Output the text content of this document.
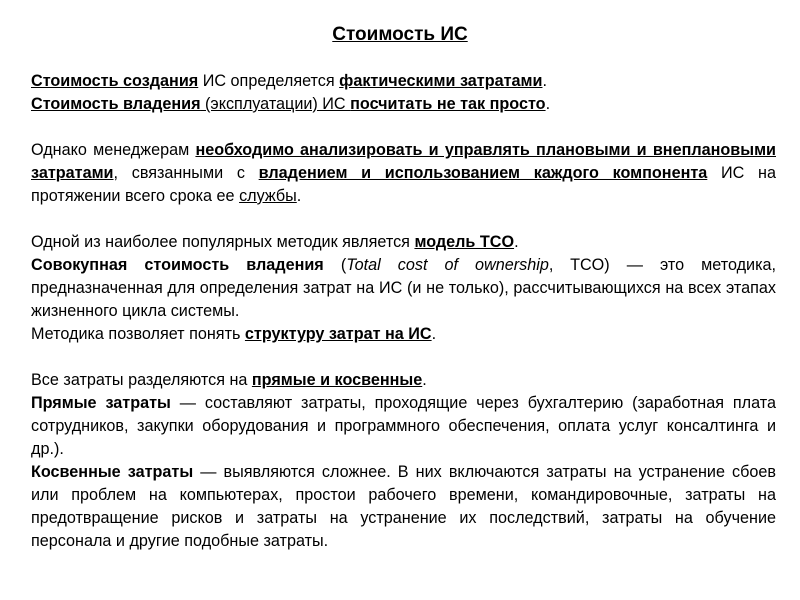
Стоимость ИС

Стоимость создания ИС определяется фактическими затратами.

Стоимость владения (эксплуатации) ИС посчитать не так просто.

Однако менеджерам необходимо анализировать и управлять плановыми и внеплановыми затратами, связанными с владением и использованием каждого компонента ИС на протяжении всего срока ее службы.

Одной из наиболее популярных методик является модель TCO.

Совокупная стоимость владения (Total cost of ownership, TCO) — это методика, предназначенная для определения затрат на ИС (и не только), рассчитывающихся на всех этапах жизненного цикла системы.

Методика позволяет понять структуру затрат на ИС.

Все затраты разделяются на прямые и косвенные.

Прямые затраты — составляют затраты, проходящие через бухгалтерию (заработная плата сотрудников, закупки оборудования и программного обеспечения, оплата услуг консалтинга и др.).

Косвенные затраты — выявляются сложнее. В них включаются затраты на устранение сбоев или проблем на компьютерах, простои рабочего времени, командировочные, затраты на предотвращение рисков и затраты на устранение их последствий, затраты на обучение персонала и другие подобные затраты.
